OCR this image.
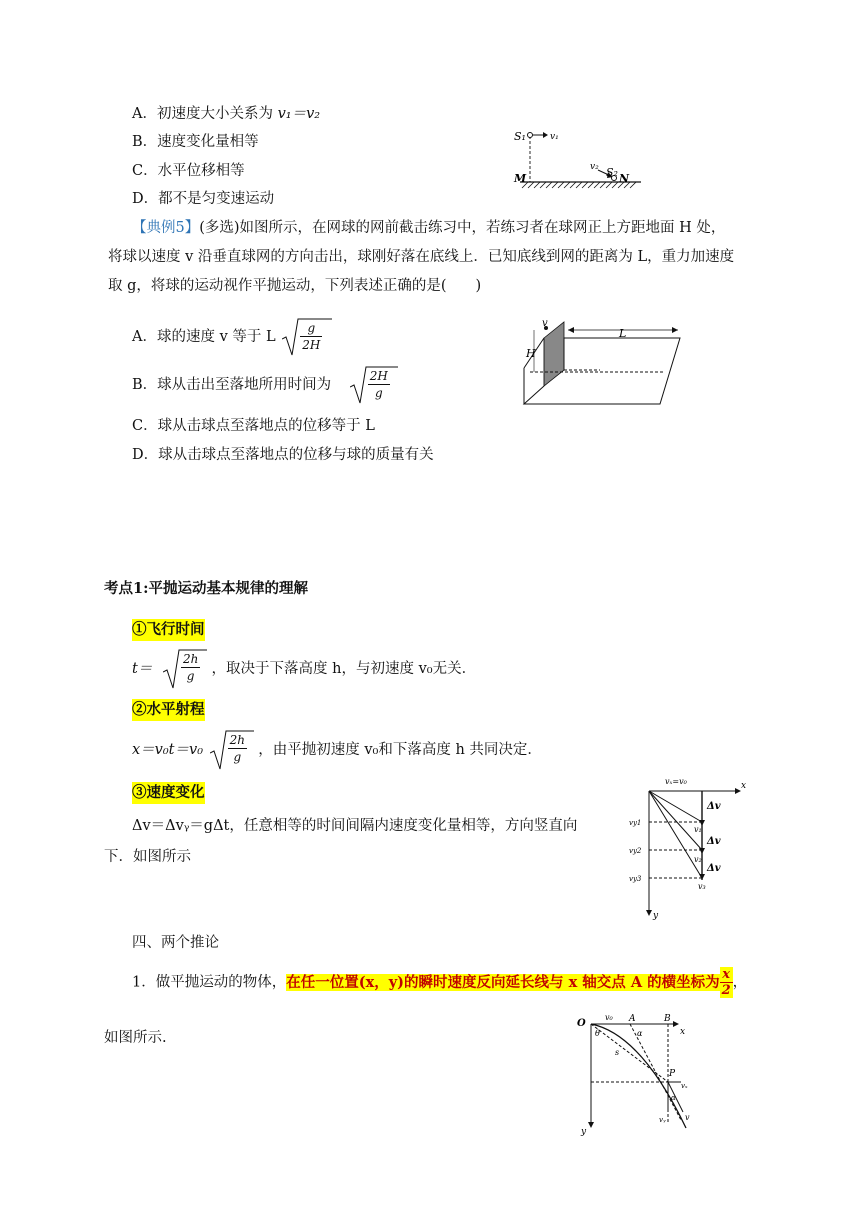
A．初速度大小关系为 v₁＝v₂
B．速度变化量相等
C．水平位移相等
D．都不是匀变速运动
S₁	v₁
v₂ S₂
M	N
【典例5】(多选)如图所示，在网球的网前截击练习中，若练习者在球网正上方距地面 H 处，
将球以速度 v 沿垂直球网的方向击出，球刚好落在底线上．已知底线到网的距离为 L，重力加速度
取 g，将球的运动视作平抛运动，下列表述正确的是(　　)
A．球的速度 v 等于 L $\frac{g}{2H}$
B．球从击出至落地所用时间为	$\frac{2H}{g}$
C．球从击球点至落地点的位移等于 L
D．球从击球点至落地点的位移与球的质量有关
v
H
L
考点1:平抛运动基本规律的理解
①飞行时间
$t= \frac{2h}{g}$ ，取决于下落高度 h，与初速度 v₀无关．
②水平射程
$x=v_0t=v_0 \frac{2h}{g}$ ，由平抛初速度 v₀和下落高度 h 共同决定．
③速度变化
Δv＝Δvᵧ＝gΔt，任意相等的时间间隔内速度变化量相等，方向竖直向
下．如图所示
x
y
vₓ=v₀
vy1
vy2
vy3
Δv
Δv
Δv
v₁
v₂
v₃
四、两个推论
1．做平抛运动的物体，在任一位置(x，y)的瞬时速度反向延长线与 x 轴交点 A 的横坐标为 $\frac{x}{2}$ ，
如图所示.	x
y
O
v₀ A	B
θ	α
s
P
vₓ
α
vᵧ v
